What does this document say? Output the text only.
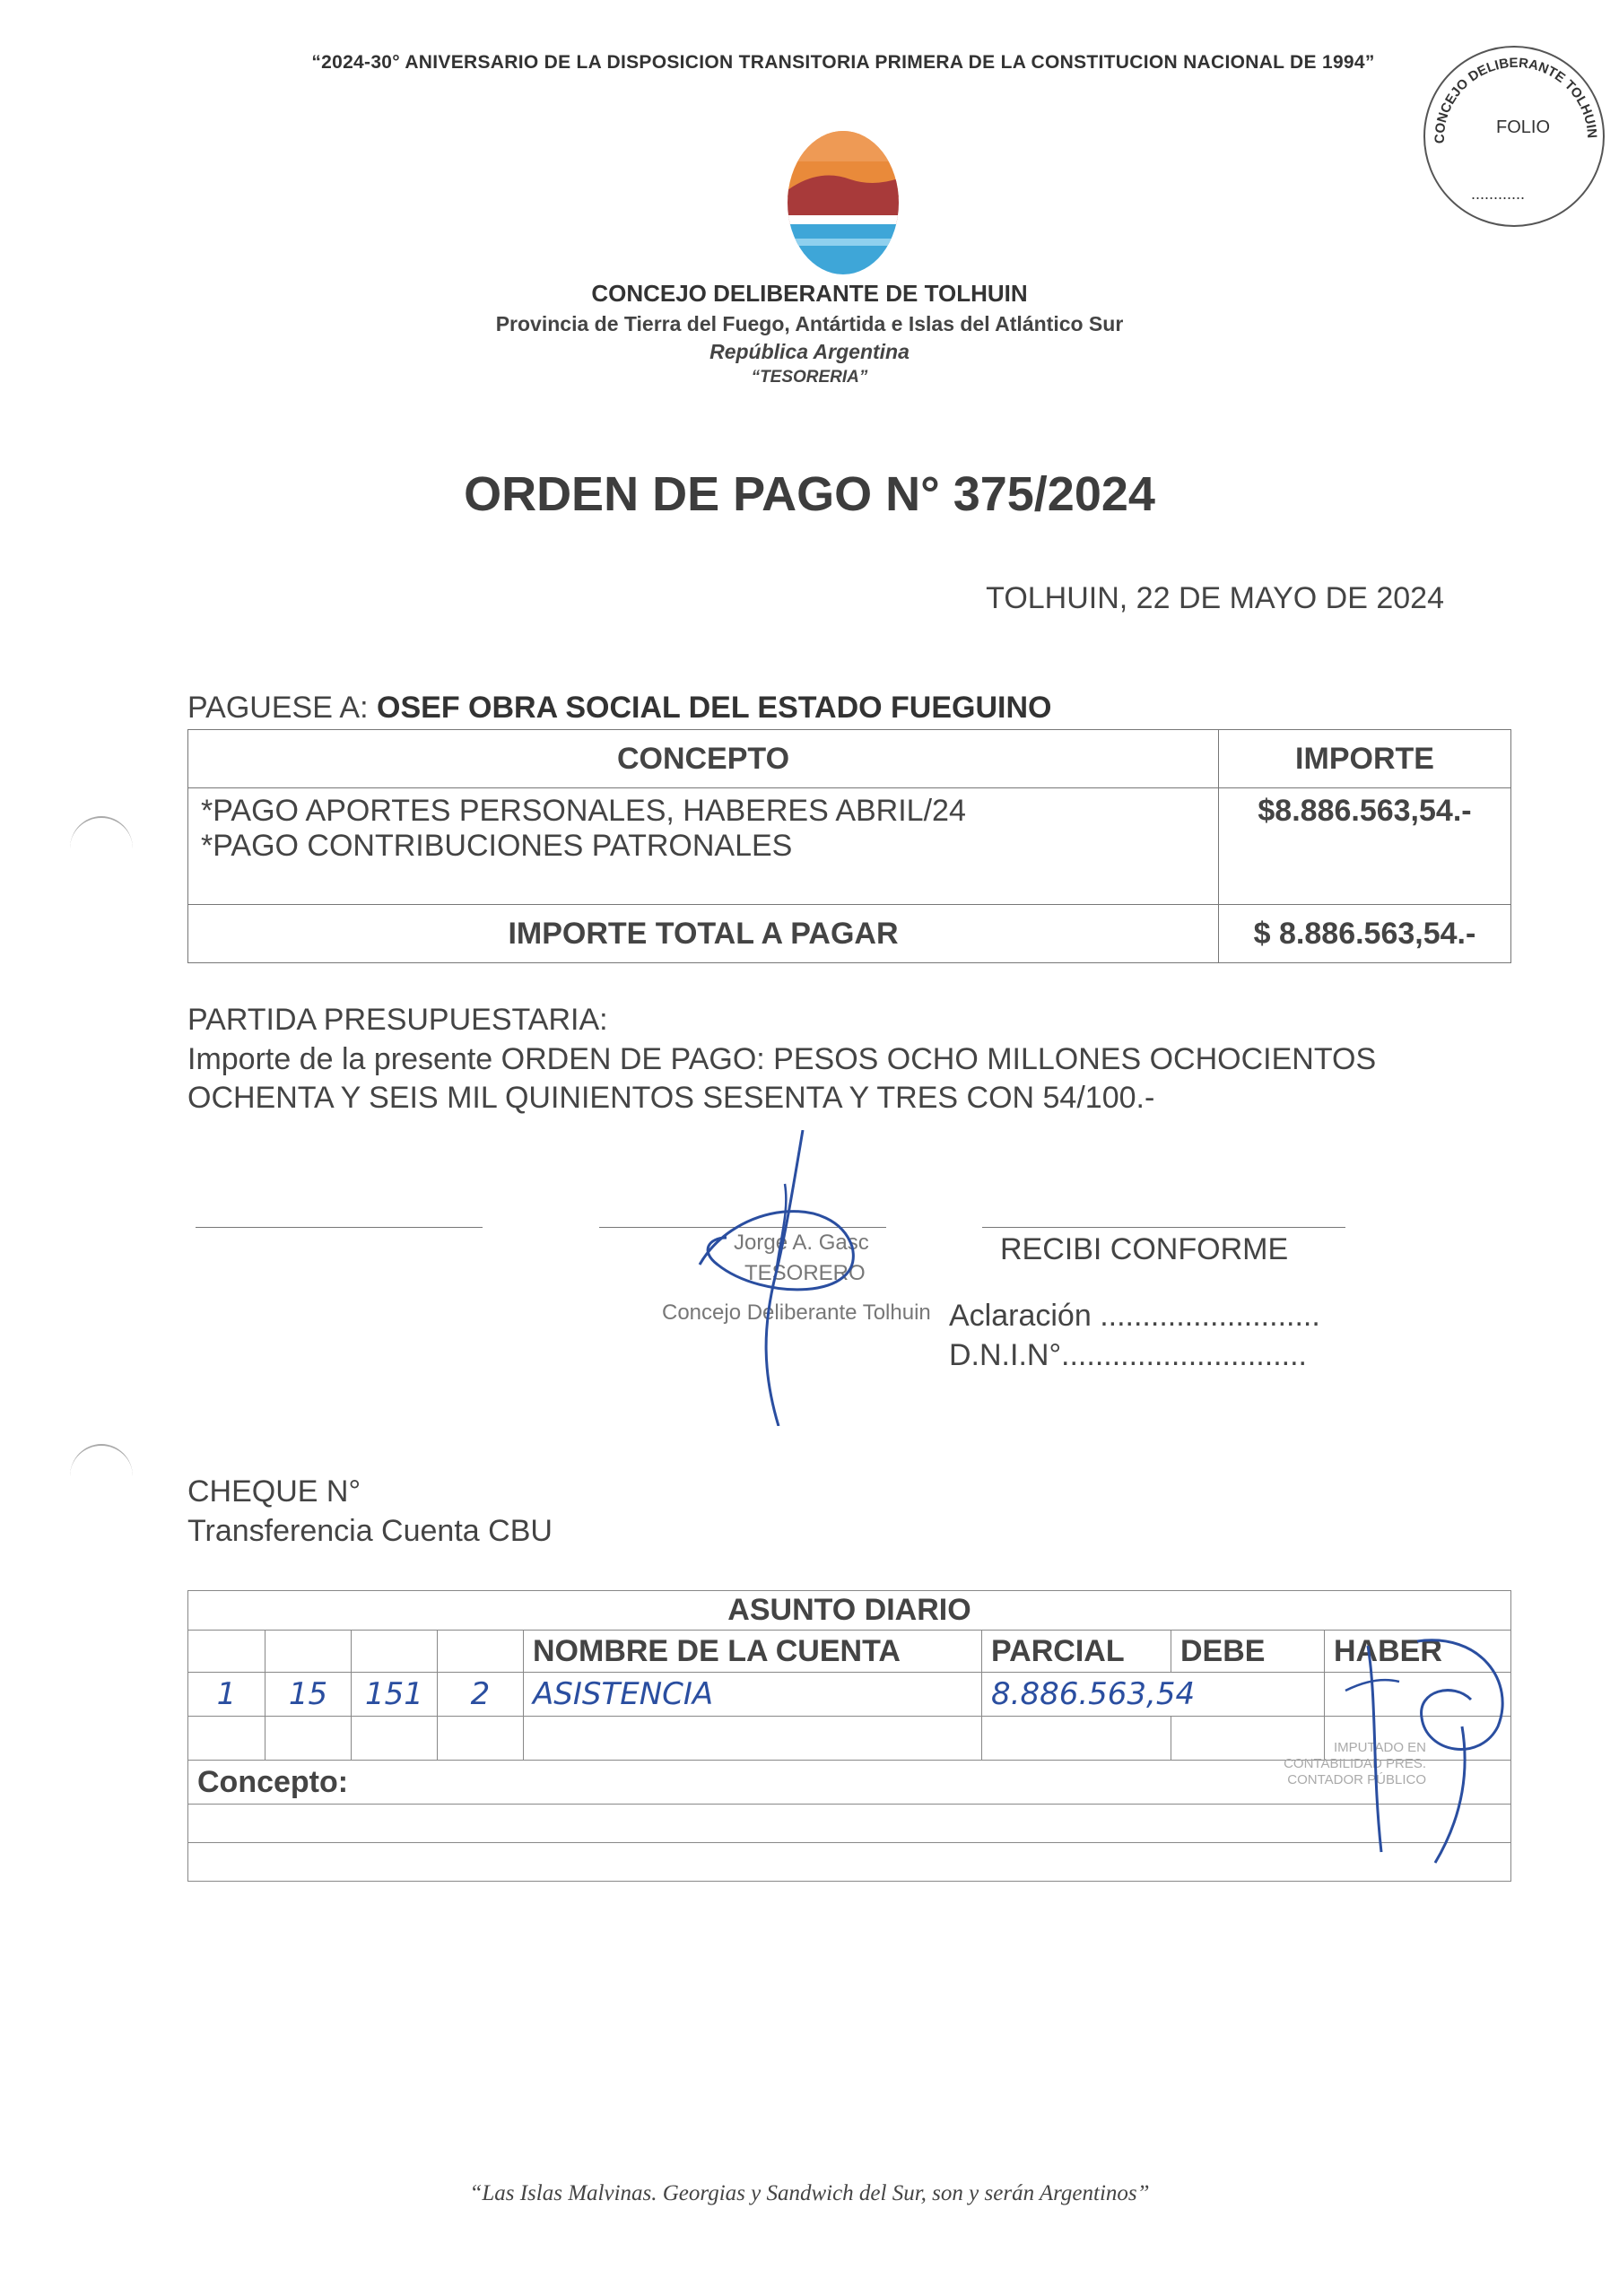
“2024-30° ANIVERSARIO DE LA DISPOSICION TRANSITORIA PRIMERA DE LA CONSTITUCION NACIONAL DE 1994”
CONCEJO DELIBERANTE TOLHUIN
FOLIO
............
CONCEJO DELIBERANTE DE TOLHUIN
Provincia de Tierra del Fuego, Antártida e Islas del Atlántico Sur
República Argentina
“TESORERIA”
ORDEN DE PAGO N° 375/2024
TOLHUIN, 22 DE MAYO DE 2024
PAGUESE A: OSEF OBRA SOCIAL DEL ESTADO FUEGUINO
CONCEPTO	IMPORTE

*PAGO APORTES PERSONALES, HABERES ABRIL/24
*PAGO CONTRIBUCIONES PATRONALES	$8.886.563,54.-
IMPORTE TOTAL A PAGAR	$ 8.886.563,54.-
PARTIDA PRESUPUESTARIA:
Importe de la presente ORDEN DE PAGO: PESOS OCHO MILLONES OCHOCIENTOS
OCHENTA Y SEIS MIL QUINIENTOS SESENTA Y TRES CON 54/100.-
Jorge A. Gasc
TESORERO
Concejo Deliberante Tolhuin
RECIBI CONFORME
Aclaración ..........................
D.N.I.N°.............................
CHEQUE N°
Transferencia Cuenta CBU
ASUNTO DIARIO							
				NOMBRE DE LA CUENTA	PARCIAL	DEBE	HABER
1	15	151	2	ASISTENCIA	8.886.563,54		

Concepto:							

IMPUTADO EN
CONTABILIDAD PRES.
CONTADOR PÚBLICO
“Las Islas Malvinas. Georgias y Sandwich del Sur, son y serán Argentinos”
